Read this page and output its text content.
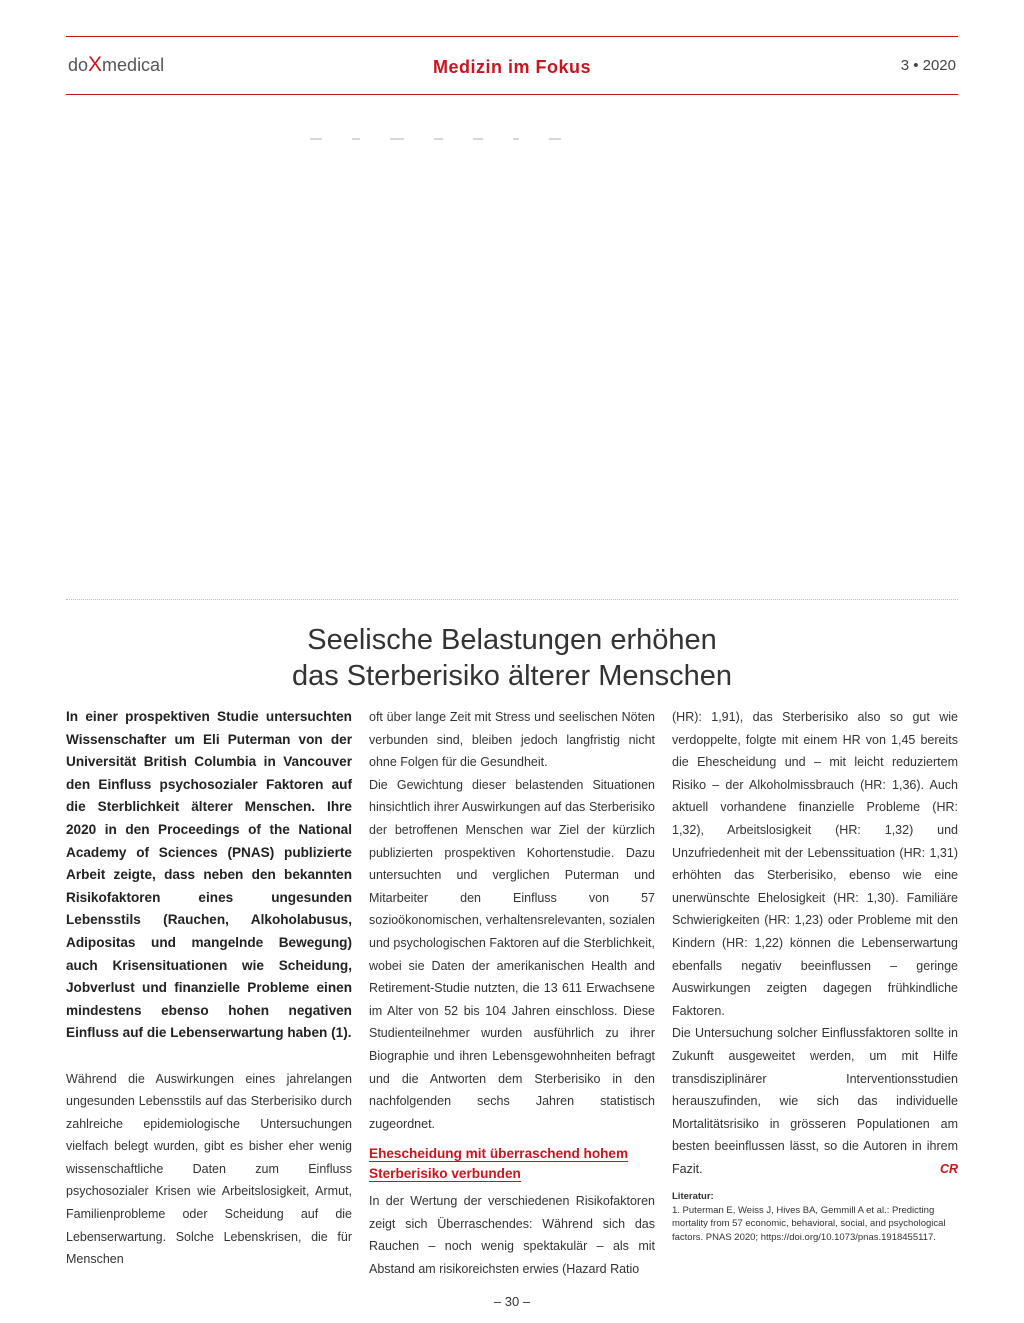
doXmedical	Medizin im Fokus	3 • 2020
Seelische Belastungen erhöhen
das Sterberisiko älterer Menschen

In einer prospektiven Studie untersuchten Wissenschafter um Eli Puterman von der Universität British Columbia in Vancouver den Einfluss psychosozialer Faktoren auf die Sterblichkeit älterer Menschen. Ihre 2020 in den Proceedings of the National Academy of Sciences (PNAS) publizierte Arbeit zeigte, dass neben den bekannten Risikofaktoren eines ungesunden Lebensstils (Rauchen, Alkoholabusus, Adipositas und mangelnde Bewegung) auch Krisensituationen wie Scheidung, Jobverlust und finanzielle Probleme einen mindestens ebenso hohen negativen Einfluss auf die Lebenserwartung haben (1).

Während die Auswirkungen eines jahrelangen ungesunden Lebensstils auf das Sterberisiko durch zahlreiche epidemiologische Untersuchungen vielfach belegt wurden, gibt es bisher eher wenig wissenschaftliche Daten zum Einfluss psychosozialer Krisen wie Arbeitslosigkeit, Armut, Familienprobleme oder Scheidung auf die Lebenserwartung. Solche Lebenskrisen, die für Menschen

oft über lange Zeit mit Stress und seelischen Nöten verbunden sind, bleiben jedoch langfristig nicht ohne Folgen für die Gesundheit.

Die Gewichtung dieser belastenden Situationen hinsichtlich ihrer Auswirkungen auf das Sterberisiko der betroffenen Menschen war Ziel der kürzlich publizierten prospektiven Kohortenstudie. Dazu untersuchten und verglichen Puterman und Mitarbeiter den Einfluss von 57 sozioökonomischen, verhaltensrelevanten, sozialen und psychologischen Faktoren auf die Sterblichkeit, wobei sie Daten der amerikanischen Health and Retirement-Studie nutzten, die 13 611 Erwachsene im Alter von 52 bis 104 Jahren einschloss. Diese Studienteilnehmer wurden ausführlich zu ihrer Biographie und ihren Lebensgewohnheiten befragt und die Antworten dem Sterberisiko in den nachfolgenden sechs Jahren statistisch zugeordnet.

Ehescheidung mit überraschend hohem Sterberisiko verbunden

In der Wertung der verschiedenen Risikofaktoren zeigt sich Überraschendes: Während sich das Rauchen – noch wenig spektakulär – als mit Abstand am risikoreichsten erwies (Hazard Ratio

(HR): 1,91), das Sterberisiko also so gut wie verdoppelte, folgte mit einem HR von 1,45 bereits die Ehescheidung und – mit leicht reduziertem Risiko – der Alkoholmissbrauch (HR: 1,36). Auch aktuell vorhandene finanzielle Probleme (HR: 1,32), Arbeitslosigkeit (HR: 1,32) und Unzufriedenheit mit der Lebenssituation (HR: 1,31) erhöhten das Sterberisiko, ebenso wie eine unerwünschte Ehelosigkeit (HR: 1,30). Familiäre Schwierigkeiten (HR: 1,23) oder Probleme mit den Kindern (HR: 1,22) können die Lebenserwartung ebenfalls negativ beeinflussen – geringe Auswirkungen zeigten dagegen frühkindliche Faktoren.

Die Untersuchung solcher Einflussfaktoren sollte in Zukunft ausgeweitet werden, um mit Hilfe transdisziplinärer Interventionsstudien herauszufinden, wie sich das individuelle Mortalitätsrisiko in grösseren Populationen am besten beeinflussen lässt, so die Autoren in ihrem Fazit.	CR

Literatur:
1. Puterman E, Weiss J, Hives BA, Gemmill A et al.: Predicting mortality from 57 economic, behavioral, social, and psychological factors. PNAS 2020; https://doi.org/10.1073/pnas.1918455117.
– 30 –
